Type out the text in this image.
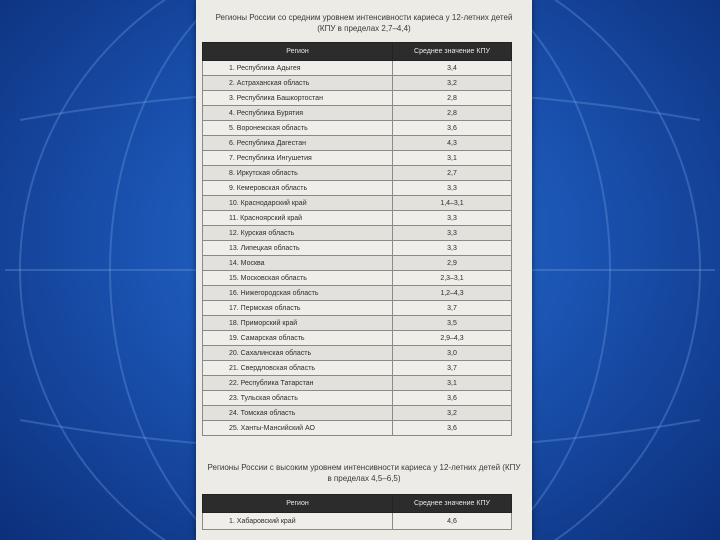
Регионы России со средним уровнем интенсивности кариеса у 12-летних детей (КПУ в пределах 2,7–4,4)
Регион	Среднее значение КПУ
1. Республика Адыгея	3,4
2. Астраханская область	3,2
3. Республика Башкортостан	2,8
4. Республика Бурятия	2,8
5. Воронежская область	3,6
6. Республика Дагестан	4,3
7. Республика Ингушетия	3,1
8. Иркутская область	2,7
9. Кемеровская область	3,3
10. Краснодарский край	1,4–3,1
11. Красноярский край	3,3
12. Курская область	3,3
13. Липецкая область	3,3
14. Москва	2,9
15. Московская область	2,3–3,1
16. Нижегородская область	1,2–4,3
17. Пермская область	3,7
18. Приморский край	3,5
19. Самарская область	2,9–4,3
20. Сахалинская область	3,0
21. Свердловская область	3,7
22. Республика Татарстан	3,1
23. Тульская область	3,6
24. Томская область	3,2
25. Ханты-Мансийский АО	3,6
Регионы России с высоким уровнем интенсивности кариеса у 12-летних детей (КПУ в пределах 4,5–6,5)
Регион	Среднее значение КПУ
1. Хабаровский край	4,6
